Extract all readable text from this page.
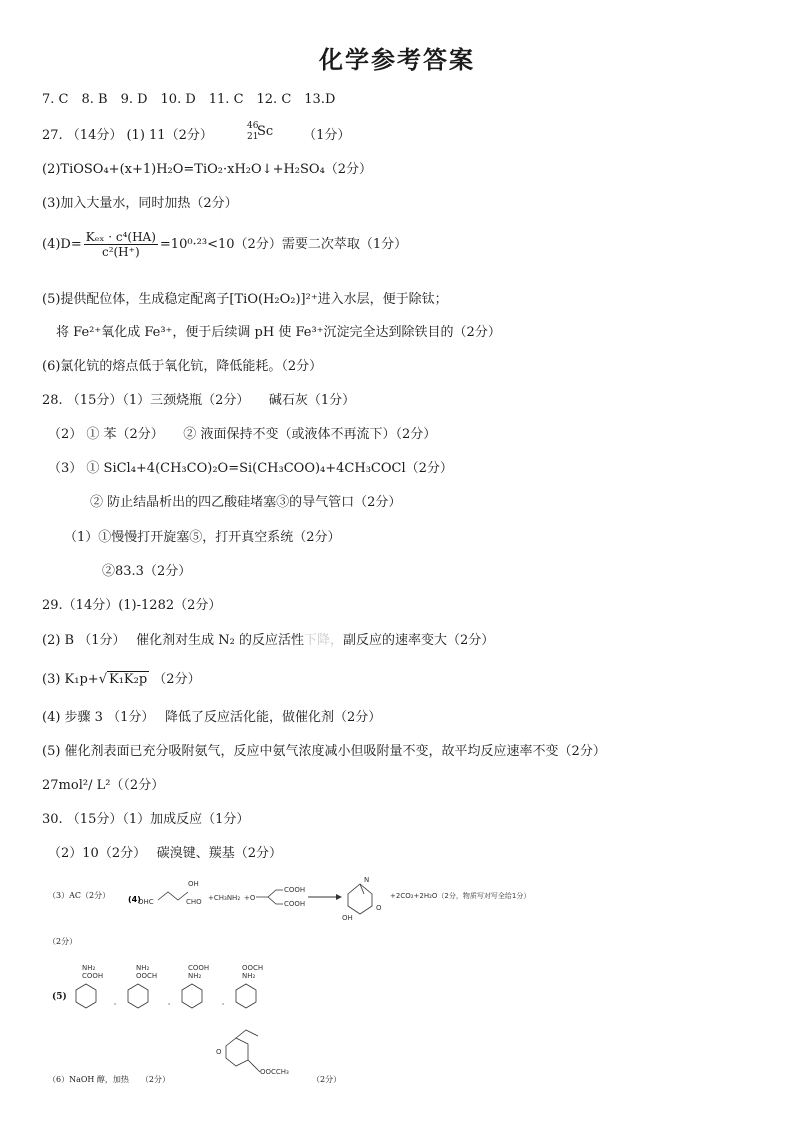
化学参考答案
7. C　8. B　9. D　10. D　11. C　12. C　13.D
27. （14分） (1) 11（2分）
46
21
Sc （1分）
(2)TiOSO₄+(x+1)H₂O=TiO₂·xH₂O↓+H₂SO₄（2分）
(3)加入大量水，同时加热（2分）
$(4)D= \frac{\text{Kₑₓ · c⁴(HA)}}{\text{c²(H⁺)}} =10^0\cdot^{23}<10(2$分）需要二次萃取（1分）
(5)提供配位体，生成稳定配离子[TiO(H₂O₂)]²⁺进入水层，便于除钛；
将 Fe²⁺氧化成 Fe³⁺，便于后续调 pH 使 Fe³⁺沉淀完全达到除铁目的（2分）
(6)氯化钪的熔点低于氧化钪，降低能耗。（2分）
28. （15分）（1）三颈烧瓶（2分）　　碱石灰（1分）
（2） ① 苯（2分）　　② 液面保持不变（或液体不再流下）（2分）
（3） ① SiCl₄+4(CH₃CO)₂O=Si(CH₃COO)₄+4CH₃COCl（2分）
② 防止结晶析出的四乙酸硅堵塞③的导气管口（2分）
（1）①慢慢打开旋塞⑤，打开真空系统（2分）
②83.3（2分）
29.（14分）(1)-1282（2分）
(2) B （1分）　 催化剂对生成 N₂ 的反应活性下降，副反应的速率变大（2分）
(3) K₁p+√ K₁K₂p （2分）
(4) 步骤 3 （1分）　 降低了反应活化能，做催化剂（2分）
(5) 催化剂表面已充分吸附氨气，反应中氨气浓度减小但吸附量不变，故平均反应速率不变（2分）
27mol²/ L²（（2分）
30. （15分）（1）加成反应（1分）
（2）10（2分）　 碳溴键、羰基（2分）
（3）AC（2分） (4)
OHC
OH
CHO +CH₃NH₂ +O
COOH
COOH
N
OH
O
+2CO₂+2H₂O（2分，物质写对写全给1分）
（2分）
(5)
NH₂
COOH
,
NH₂
OOCH
,
COOH
NH₂
,
OOCH
NH₂
O
OOCCH₃
（6）NaOH 醇，加热　　（2分）	（2分）
